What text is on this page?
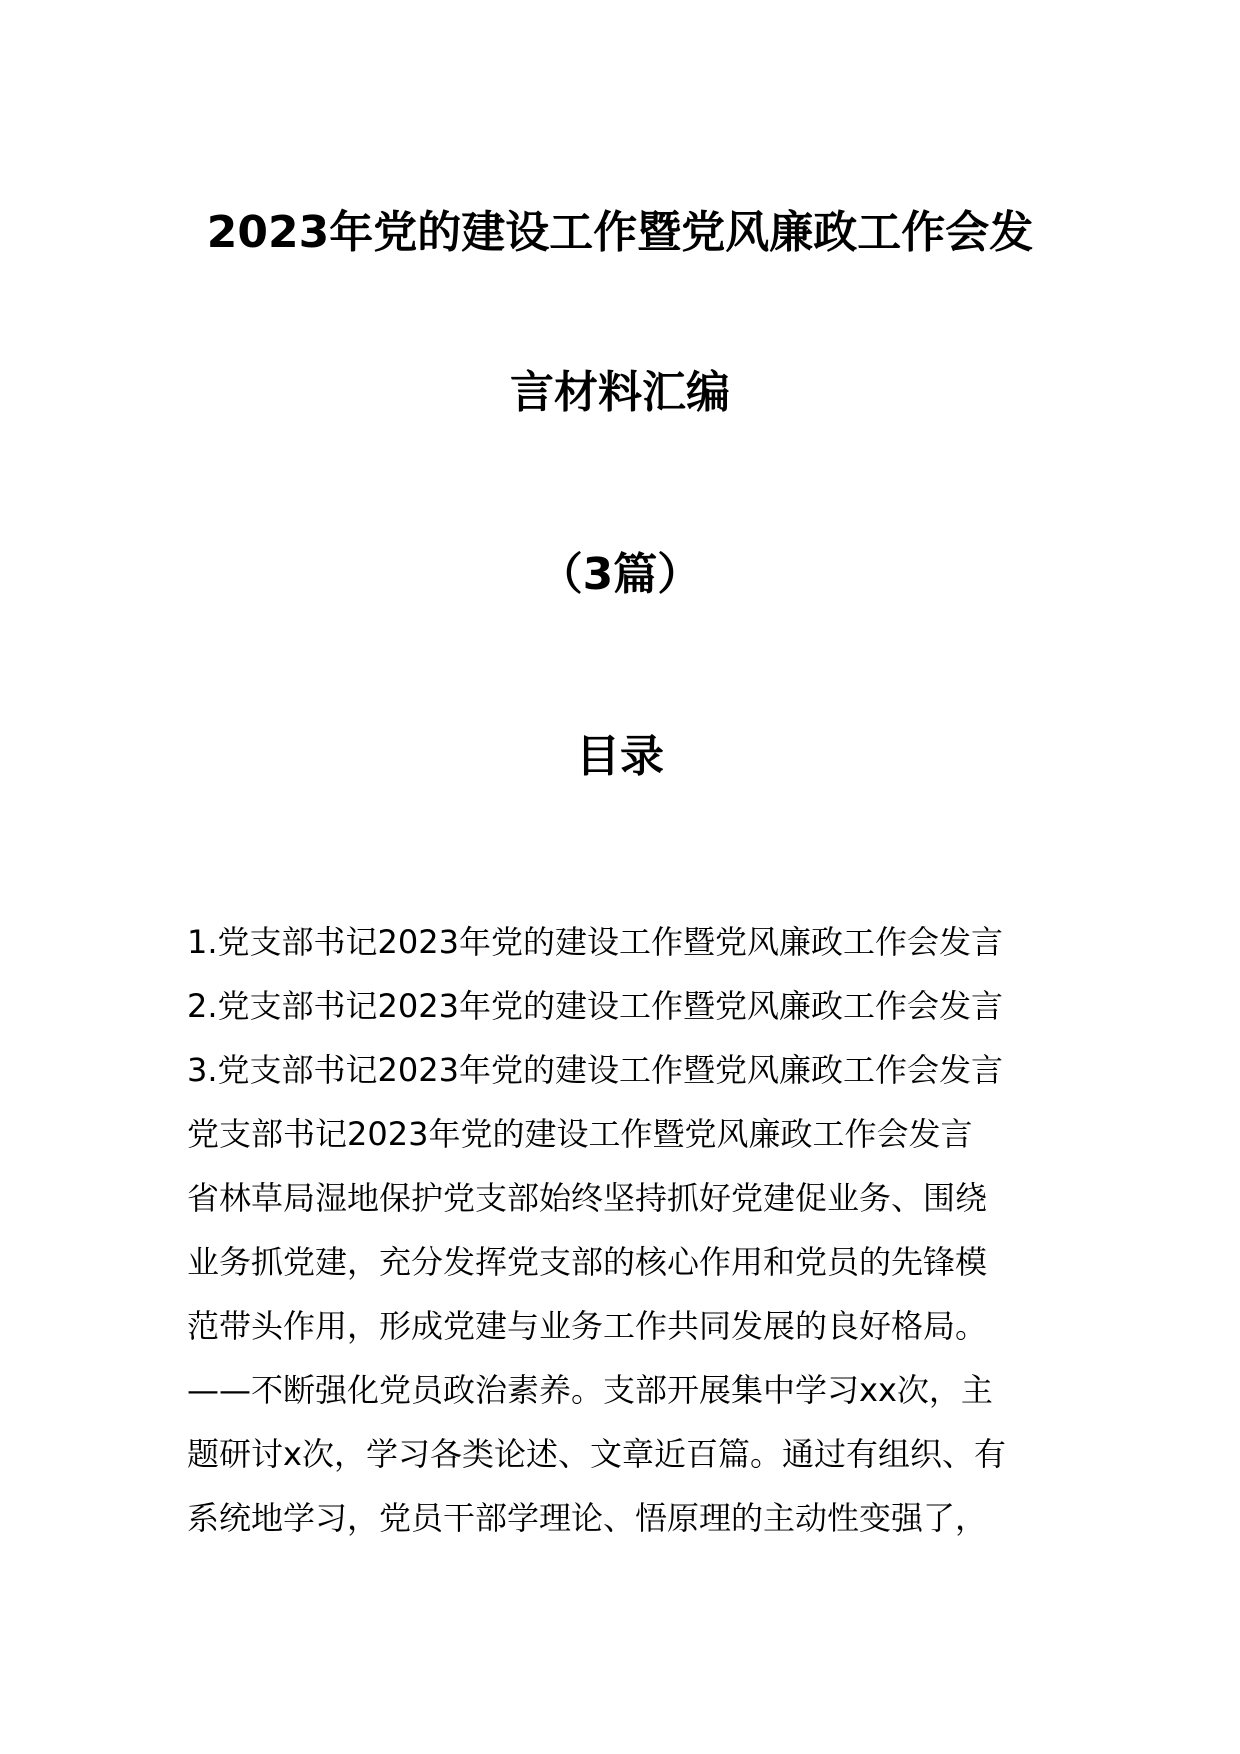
2023年党的建设工作暨党风廉政工作会发
言材料汇编
（3篇）
目录
1.党支部书记2023年党的建设工作暨党风廉政工作会发言
2.党支部书记2023年党的建设工作暨党风廉政工作会发言
3.党支部书记2023年党的建设工作暨党风廉政工作会发言
党支部书记2023年党的建设工作暨党风廉政工作会发言
省林草局湿地保护党支部始终坚持抓好党建促业务、围绕
业务抓党建，充分发挥党支部的核心作用和党员的先锋模
范带头作用，形成党建与业务工作共同发展的良好格局。
——不断强化党员政治素养。支部开展集中学习xx次，主
题研讨x次，学习各类论述、文章近百篇。通过有组织、有
系统地学习，党员干部学理论、悟原理的主动性变强了，
